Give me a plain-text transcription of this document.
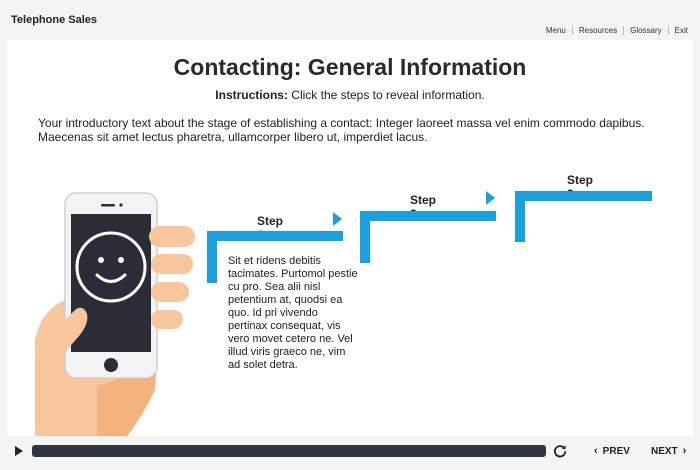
Telephone Sales
Menu	Resources	Glossary	Exit
Contacting: General Information
Instructions: Click the steps to reveal information.
Your introductory text about the stage of establishing a contact: Integer laoreet massa vel enim commodo dapibus. Maecenas sit amet lectus pharetra, ullamcorper libero ut, imperdiet lacus.
Step
Step
Step
Sit et ridens debitis tacimates. Purtomol pestie cu pro. Sea alii nisl petentium at, quodsi ea quo. Id pri vivendo pertinax consequat, vis vero movet cetero ne. Vel illud viris graeco ne, vim ad solet detra.
‹ PREV NEXT ›
